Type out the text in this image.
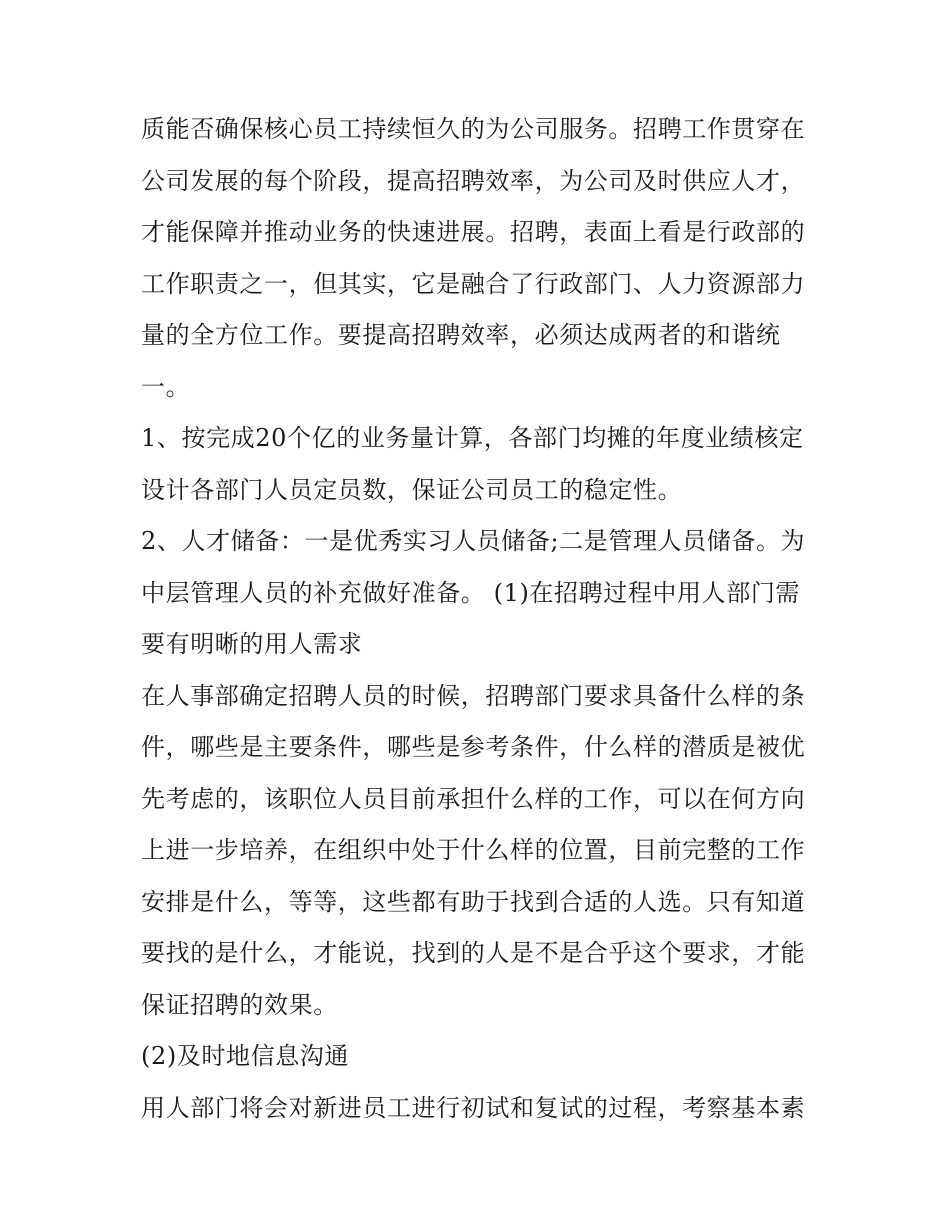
质能否确保核心员工持续恒久的为公司服务。招聘工作贯穿在
公司发展的每个阶段，提高招聘效率，为公司及时供应人才，
才能保障并推动业务的快速进展。招聘，表面上看是行政部的
工作职责之一，但其实，它是融合了行政部门、人力资源部力
量的全方位工作。要提高招聘效率，必须达成两者的和谐统
一。
1、按完成20个亿的业务量计算，各部门均摊的年度业绩核定
设计各部门人员定员数，保证公司员工的稳定性。
2、人才储备：一是优秀实习人员储备;二是管理人员储备。为
中层管理人员的补充做好准备。 (1)在招聘过程中用人部门需
要有明晰的用人需求
在人事部确定招聘人员的时候，招聘部门要求具备什么样的条
件，哪些是主要条件，哪些是参考条件，什么样的潜质是被优
先考虑的，该职位人员目前承担什么样的工作，可以在何方向
上进一步培养，在组织中处于什么样的位置，目前完整的工作
安排是什么，等等，这些都有助于找到合适的人选。只有知道
要找的是什么，才能说，找到的人是不是合乎这个要求，才能
保证招聘的效果。
(2)及时地信息沟通
用人部门将会对新进员工进行初试和复试的过程，考察基本素
